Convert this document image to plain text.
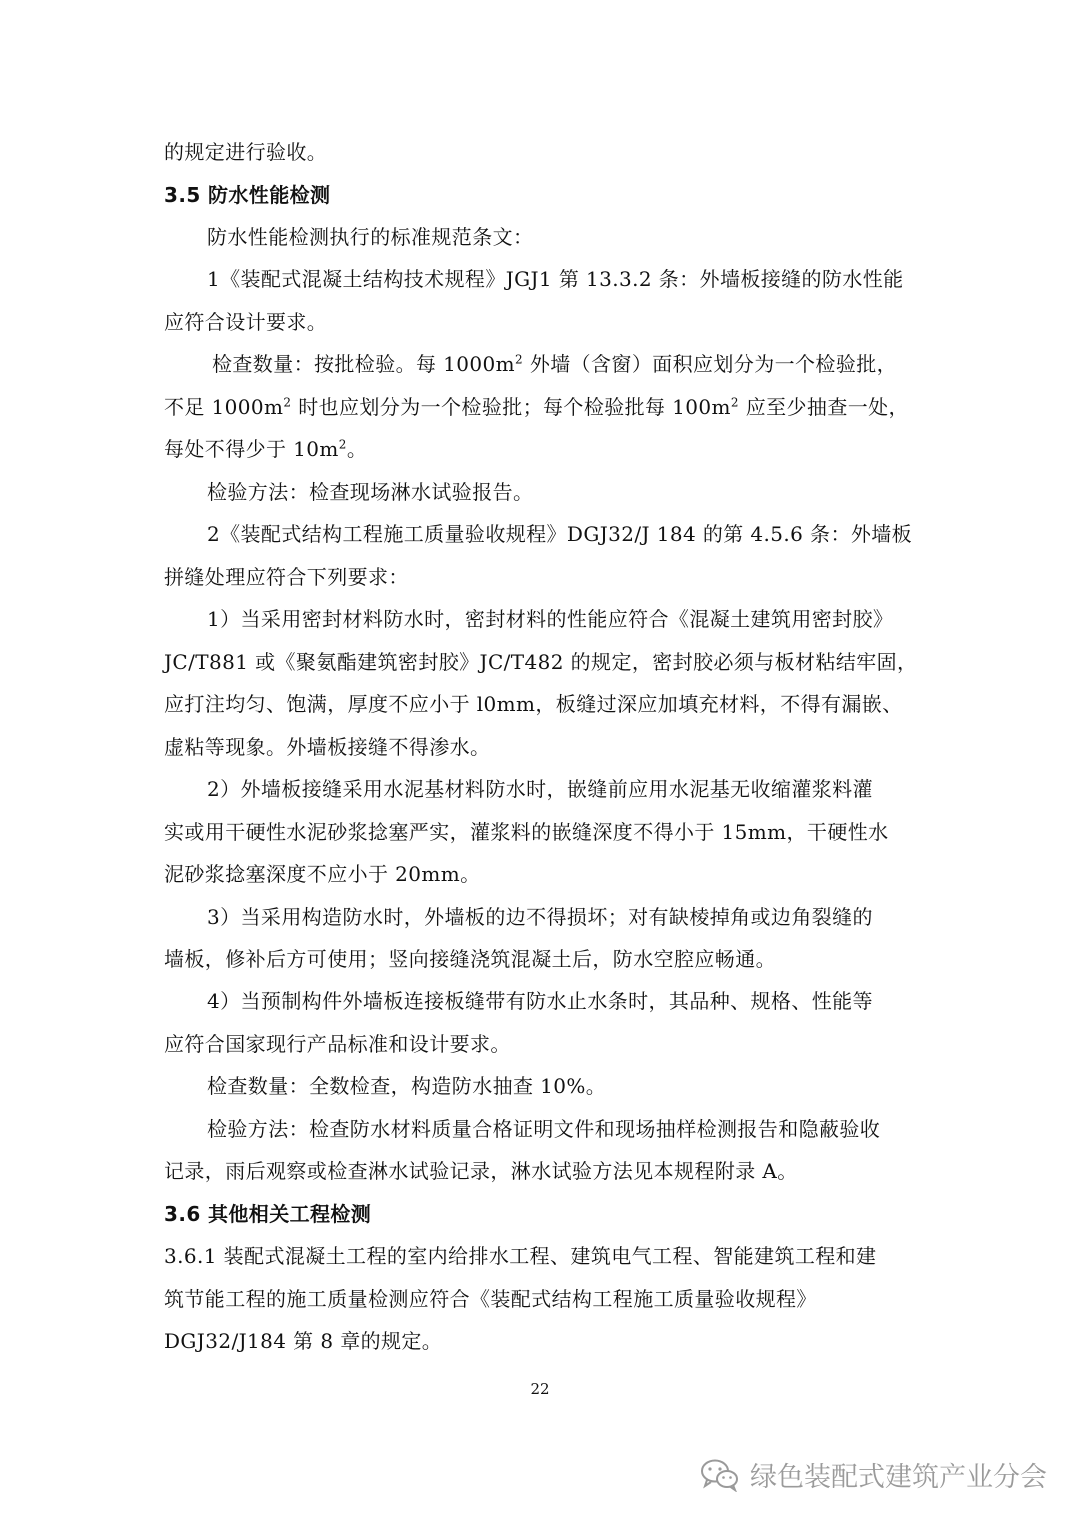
的规定进行验收。
3.5 防水性能检测
防水性能检测执行的标准规范条文：
1《装配式混凝土结构技术规程》JGJ1 第 13.3.2 条：外墙板接缝的防水性能
应符合设计要求。
检查数量：按批检验。每 $1000m^2$ 外墙（含窗）面积应划分为一个检验批，
不足 $1000m^2$ 时也应划分为一个检验批；每个检验批每 $100m^2$ 应至少抽查一处，
每处不得少于 $10m^2$。
检验方法：检查现场淋水试验报告。
2《装配式结构工程施工质量验收规程》DGJ32/J 184 的第 4.5.6 条：外墙板
拼缝处理应符合下列要求：
1）当采用密封材料防水时，密封材料的性能应符合《混凝土建筑用密封胶》
JC/T881 或《聚氨酯建筑密封胶》JC/T482 的规定，密封胶必须与板材粘结牢固，
应打注均匀、饱满，厚度不应小于 l0mm，板缝过深应加填充材料，不得有漏嵌、
虚粘等现象。外墙板接缝不得渗水。
2）外墙板接缝采用水泥基材料防水时，嵌缝前应用水泥基无收缩灌浆料灌
实或用干硬性水泥砂浆捻塞严实，灌浆料的嵌缝深度不得小于 15mm，干硬性水
泥砂浆捻塞深度不应小于 20mm。
3）当采用构造防水时，外墙板的边不得损坏；对有缺棱掉角或边角裂缝的
墙板，修补后方可使用；竖向接缝浇筑混凝土后，防水空腔应畅通。
4）当预制构件外墙板连接板缝带有防水止水条时，其品种、规格、性能等
应符合国家现行产品标准和设计要求。
检查数量：全数检查，构造防水抽查 10%。
检验方法：检查防水材料质量合格证明文件和现场抽样检测报告和隐蔽验收
记录，雨后观察或检查淋水试验记录，淋水试验方法见本规程附录 A。
3.6 其他相关工程检测
3.6.1 装配式混凝土工程的室内给排水工程、建筑电气工程、智能建筑工程和建
筑节能工程的施工质量检测应符合《装配式结构工程施工质量验收规程》
DGJ32/J184 第 8 章的规定。
22
绿色装配式建筑产业分会
